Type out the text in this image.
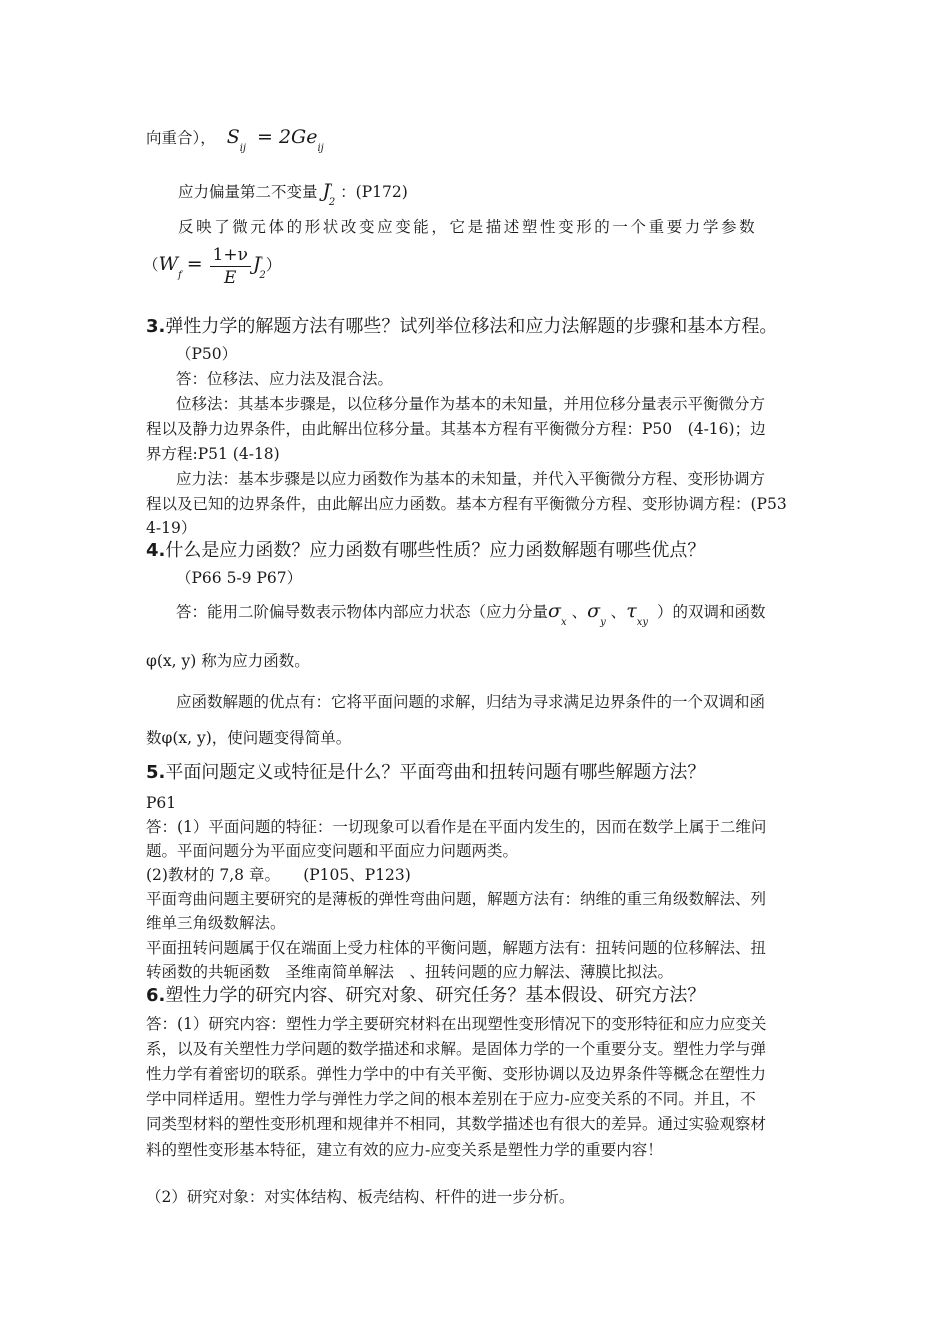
向重合）， $S_{ij} = 2Ge_{ij}$
应力偏量第二不变量 $J'_2$ ：(P172)
反映了微元体的形状改变应变能，它是描述塑性变形的一个重要力学参数
$(W_f = \frac{1+\nu}{E} J'_2)$
3.弹性力学的解题方法有哪些？试列举位移法和应力法解题的步骤和基本方程。
（P50）
答：位移法、应力法及混合法。
位移法：其基本步骤是，以位移分量作为基本的未知量，并用位移分量表示平衡微分方
程以及静力边界条件，由此解出位移分量。其基本方程有平衡微分方程：P50　(4-16)；边
界方程:P51 (4-18)
应力法：基本步骤是以应力函数作为基本的未知量，并代入平衡微分方程、变形协调方
程以及已知的边界条件，由此解出应力函数。基本方程有平衡微分方程、变形协调方程：(P53
4-19）
4.什么是应力函数？应力函数有哪些性质？应力函数解题有哪些优点？
（P66 5-9 P67）
答：能用二阶偏导数表示物体内部应力状态（应力分量$\sigma_x$ 、$\sigma_y$ 、$\tau_{xy}$ ）的双调和函数
φ(x, y) 称为应力函数。
应函数解题的优点有：它将平面问题的求解，归结为寻求满足边界条件的一个双调和函
数φ(x, y)，使问题变得简单。
5.平面问题定义或特征是什么？平面弯曲和扭转问题有哪些解题方法？
P61
答：(1）平面问题的特征：一切现象可以看作是在平面内发生的，因而在数学上属于二维问
题。平面问题分为平面应变问题和平面应力问题两类。
(2)教材的 7,8 章。　　(P105、P123)
平面弯曲问题主要研究的是薄板的弹性弯曲问题，解题方法有：纳维的重三角级数解法、列
维单三角级数解法。
平面扭转问题属于仅在端面上受力柱体的平衡问题，解题方法有：扭转问题的位移解法、扭
转函数的共轭函数　圣维南简单解法　、扭转问题的应力解法、薄膜比拟法。
6.塑性力学的研究内容、研究对象、研究任务？基本假设、研究方法？
答：(1）研究内容：塑性力学主要研究材料在出现塑性变形情况下的变形特征和应力应变关
系，以及有关塑性力学问题的数学描述和求解。是固体力学的一个重要分支。塑性力学与弹
性力学有着密切的联系。弹性力学中的中有关平衡、变形协调以及边界条件等概念在塑性力
学中同样适用。塑性力学与弹性力学之间的根本差别在于应力-应变关系的不同。并且，不
同类型材料的塑性变形机理和规律并不相同，其数学描述也有很大的差异。通过实验观察材
料的塑性变形基本特征，建立有效的应力-应变关系是塑性力学的重要内容！
（2）研究对象：对实体结构、板壳结构、杆件的进一步分析。
